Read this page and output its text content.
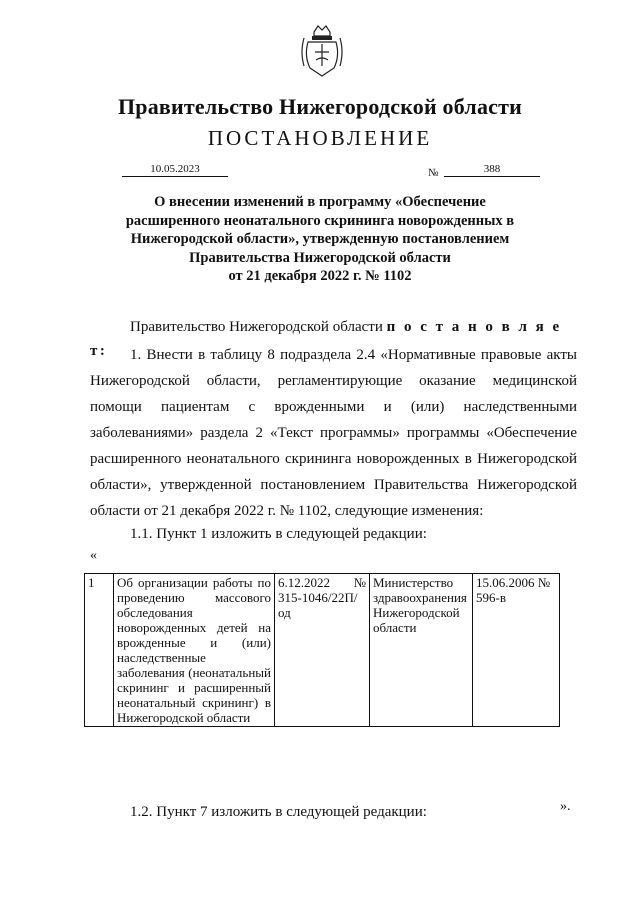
Правительство Нижегородской области
ПОСТАНОВЛЕНИЕ
10.05.2023	№	388
О внесении изменений в программу «Обеспечение
расширенного неонатального скрининга новорожденных в
Нижегородской области», утвержденную постановлением
Правительства Нижегородской области
от 21 декабря 2022 г. № 1102
Правительство Нижегородской области п о с т а н о в л я е т:	1. Внести в таблицу 8 подраздела 2.4 «Нормативные правовые акты Нижегородской области, регламентирующие оказание медицинской помощи пациентам с врожденными и (или) наследственными заболеваниями» раздела 2 «Текст программы» программы «Обеспечение расширенного неонатального скрининга новорожденных в Нижегородской области», утвержденной постановлением Правительства Нижегородской области от 21 декабря 2022 г. № 1102, следующие изменения:
1.1. Пункт 1 изложить в следующей редакции:
«
1	Об организации работы по проведению массового обследования новорожденных детей на врожденные и (или) наследственные заболевания (неонатальный скрининг и расширенный неонатальный скрининг) в Нижегородской области	6.12.2022 № 315-1046/22П/од	Министерство здравоохранения Нижегородской области	15.06.2006 № 596-в
».
1.2. Пункт 7 изложить в следующей редакции:
